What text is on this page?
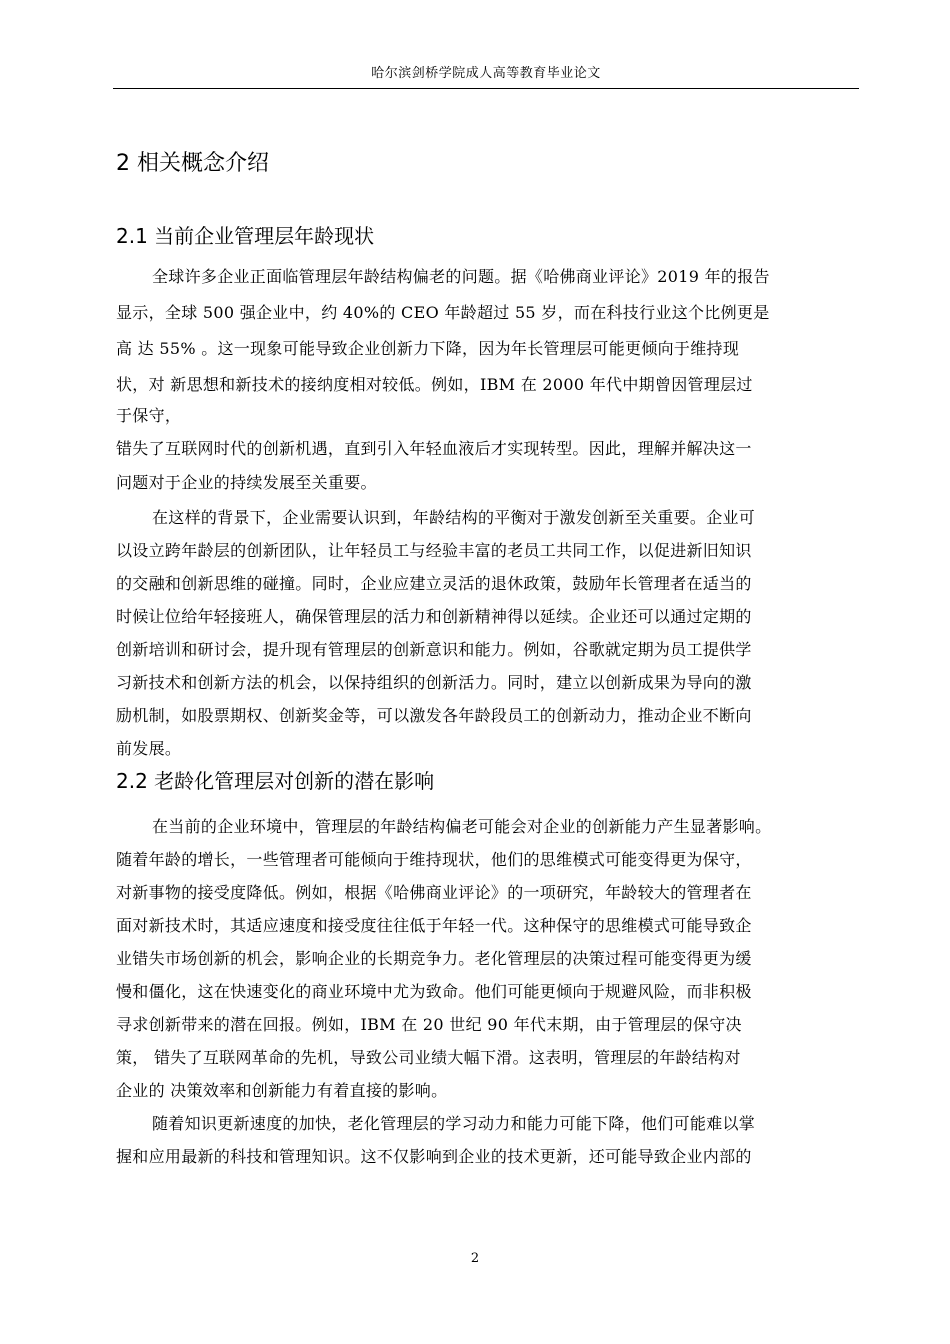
哈尔滨剑桥学院成人高等教育毕业论文
2 相关概念介绍
2.1 当前企业管理层年龄现状
全球许多企业正面临管理层年龄结构偏老的问题。据《哈佛商业评论》2019 年的报告
显示，全球 500 强企业中，约 40%的 CEO 年龄超过 55 岁，而在科技行业这个比例更是
高 达 55% 。这一现象可能导致企业创新力下降，因为年长管理层可能更倾向于维持现
状，对 新思想和新技术的接纳度相对较低。例如，IBM 在 2000 年代中期曾因管理层过
于保守，
错失了互联网时代的创新机遇，直到引入年轻血液后才实现转型。因此，理解并解决这一
问题对于企业的持续发展至关重要。
在这样的背景下，企业需要认识到，年龄结构的平衡对于激发创新至关重要。企业可
以设立跨年龄层的创新团队，让年轻员工与经验丰富的老员工共同工作，以促进新旧知识
的交融和创新思维的碰撞。同时，企业应建立灵活的退休政策，鼓励年长管理者在适当的
时候让位给年轻接班人，确保管理层的活力和创新精神得以延续。企业还可以通过定期的
创新培训和研讨会，提升现有管理层的创新意识和能力。例如，谷歌就定期为员工提供学
习新技术和创新方法的机会，以保持组织的创新活力。同时，建立以创新成果为导向的激
励机制，如股票期权、创新奖金等，可以激发各年龄段员工的创新动力，推动企业不断向
前发展。
2.2 老龄化管理层对创新的潜在影响
在当前的企业环境中，管理层的年龄结构偏老可能会对企业的创新能力产生显著影响。
随着年龄的增长，一些管理者可能倾向于维持现状，他们的思维模式可能变得更为保守，
对新事物的接受度降低。例如，根据《哈佛商业评论》的一项研究，年龄较大的管理者在
面对新技术时，其适应速度和接受度往往低于年轻一代。这种保守的思维模式可能导致企
业错失市场创新的机会，影响企业的长期竞争力。老化管理层的决策过程可能变得更为缓
慢和僵化，这在快速变化的商业环境中尤为致命。他们可能更倾向于规避风险，而非积极
寻求创新带来的潜在回报。例如，IBM 在 20 世纪 90 年代末期，由于管理层的保守决
策， 错失了互联网革命的先机，导致公司业绩大幅下滑。这表明，管理层的年龄结构对
企业的 决策效率和创新能力有着直接的影响。
随着知识更新速度的加快，老化管理层的学习动力和能力可能下降，他们可能难以掌
握和应用最新的科技和管理知识。这不仅影响到企业的技术更新，还可能导致企业内部的
2
